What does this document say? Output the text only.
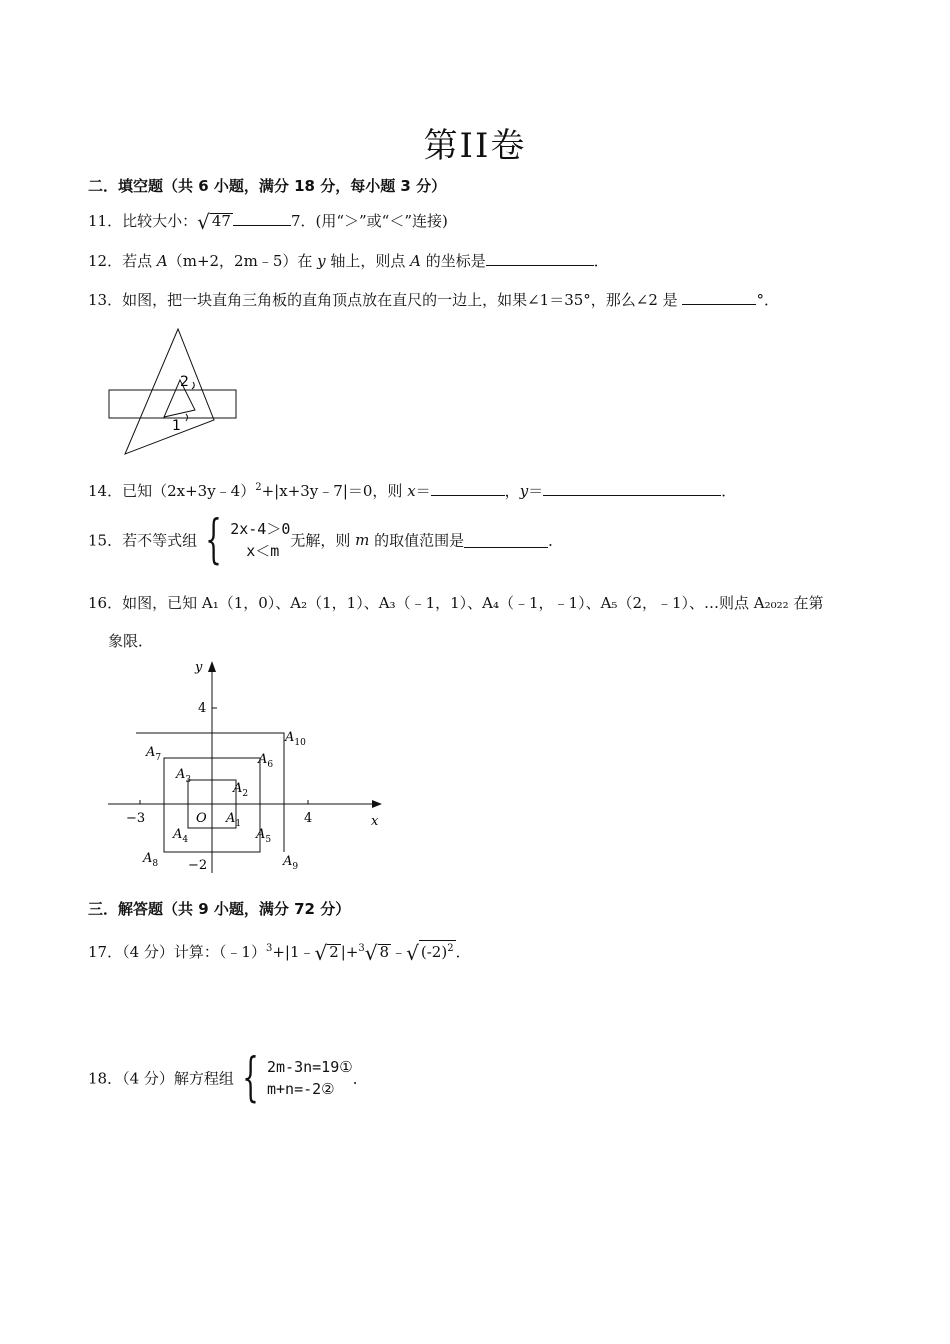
第II卷
二．填空题（共 6 小题，满分 18 分，每小题 3 分）
11．比较大小：√ 47	7．(用“＞”或“＜”连接)
12．若点 A（m+2，2m﹣5）在 y 轴上，则点 A 的坐标是	．
13．如图，把一块直角三角板的直角顶点放在直尺的一边上，如果∠1＝35°，那么∠2 是	°．
2
1
14．已知（2x+3y﹣4）$^2$+|x+3y﹣7|＝0，则 x＝	，y＝	．
15．若不等式组 { 2x-4＞0
x＜m
无解，则 m 的取值范围是	．
16．如图，已知 A₁（1，0）、A₂（1，1）、A₃（﹣1，1）、A₄（﹣1，﹣1）、A₅（2，﹣1）、…则点 A₂₀₂₂ 在第
象限．
y
x
O
4
−2
−3	4
$A_1$
$A_2$
$A_3$
$A_4$	$A_5$
$A_6$
$A_7$
$A_8$	$A_9$
$A_{10}$
三．解答题（共 9 小题，满分 72 分）
17．（4 分）计算：（﹣1）$^3$+|1﹣√ 2 |+$^3$√ 8 ﹣√ $(-2)^2$ ．
18．（4 分）解方程组 { 2m-3n=19①
m+n=-2②
．
